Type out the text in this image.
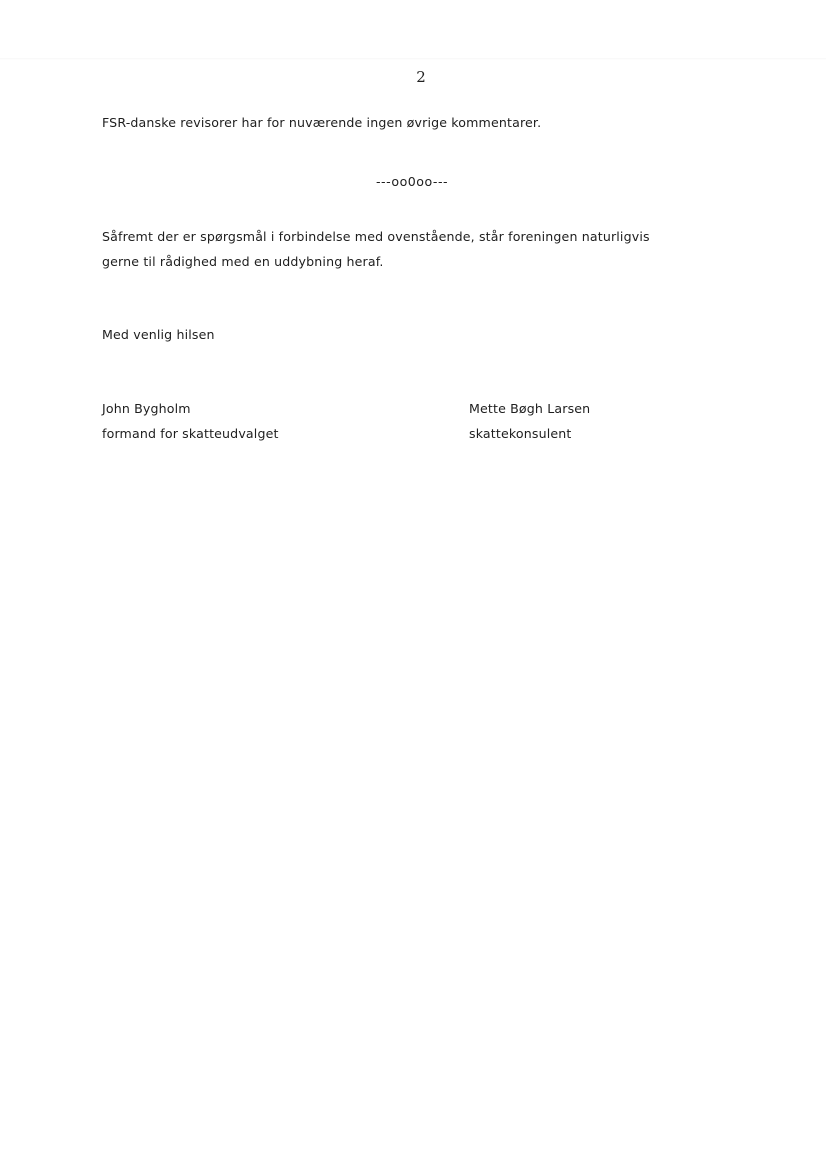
2
FSR-danske revisorer har for nuværende ingen øvrige kommentarer.
---oo0oo---
Såfremt der er spørgsmål i forbindelse med ovenstående, står foreningen naturligvis
gerne til rådighed med en uddybning heraf.
Med venlig hilsen
John Bygholm
formand for skatteudvalget
Mette Bøgh Larsen
skattekonsulent
